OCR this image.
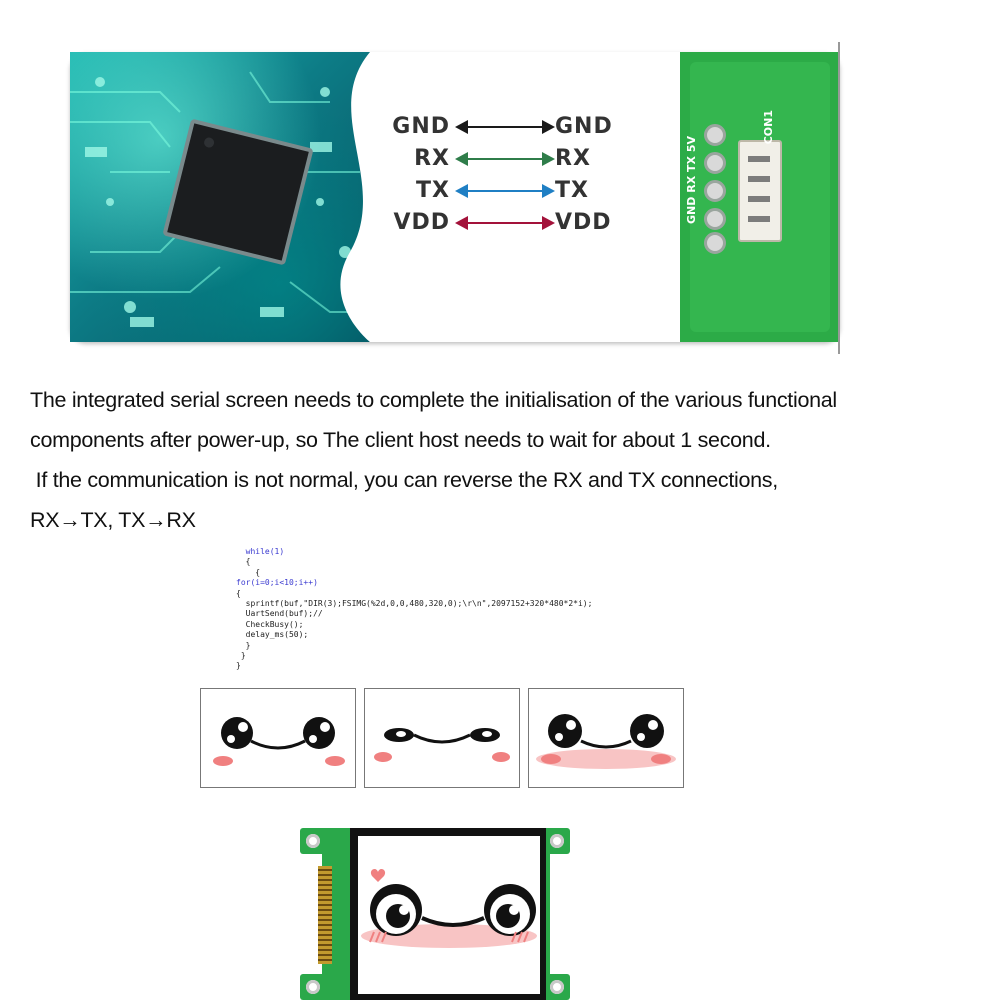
GND	GND
RX	RX
TX	TX
VDD	VDD
CON1
GND RX TX 5V
CON2
The integrated serial screen needs to complete the initialisation of the various functional
components after power-up, so The client host needs to wait for about 1 second.
If the communication is not normal, you can reverse the RX and TX connections,
RX→TX, TX→RX
while(1)
{
{
for(i=0;i<10;i++)
{
sprintf(buf,"DIR(3);FSIMG(%2d,0,0,480,320,0);\r\n",2097152+320*480*2*i);
UartSend(buf);//
CheckBusy();
delay_ms(50);
}
}
}
